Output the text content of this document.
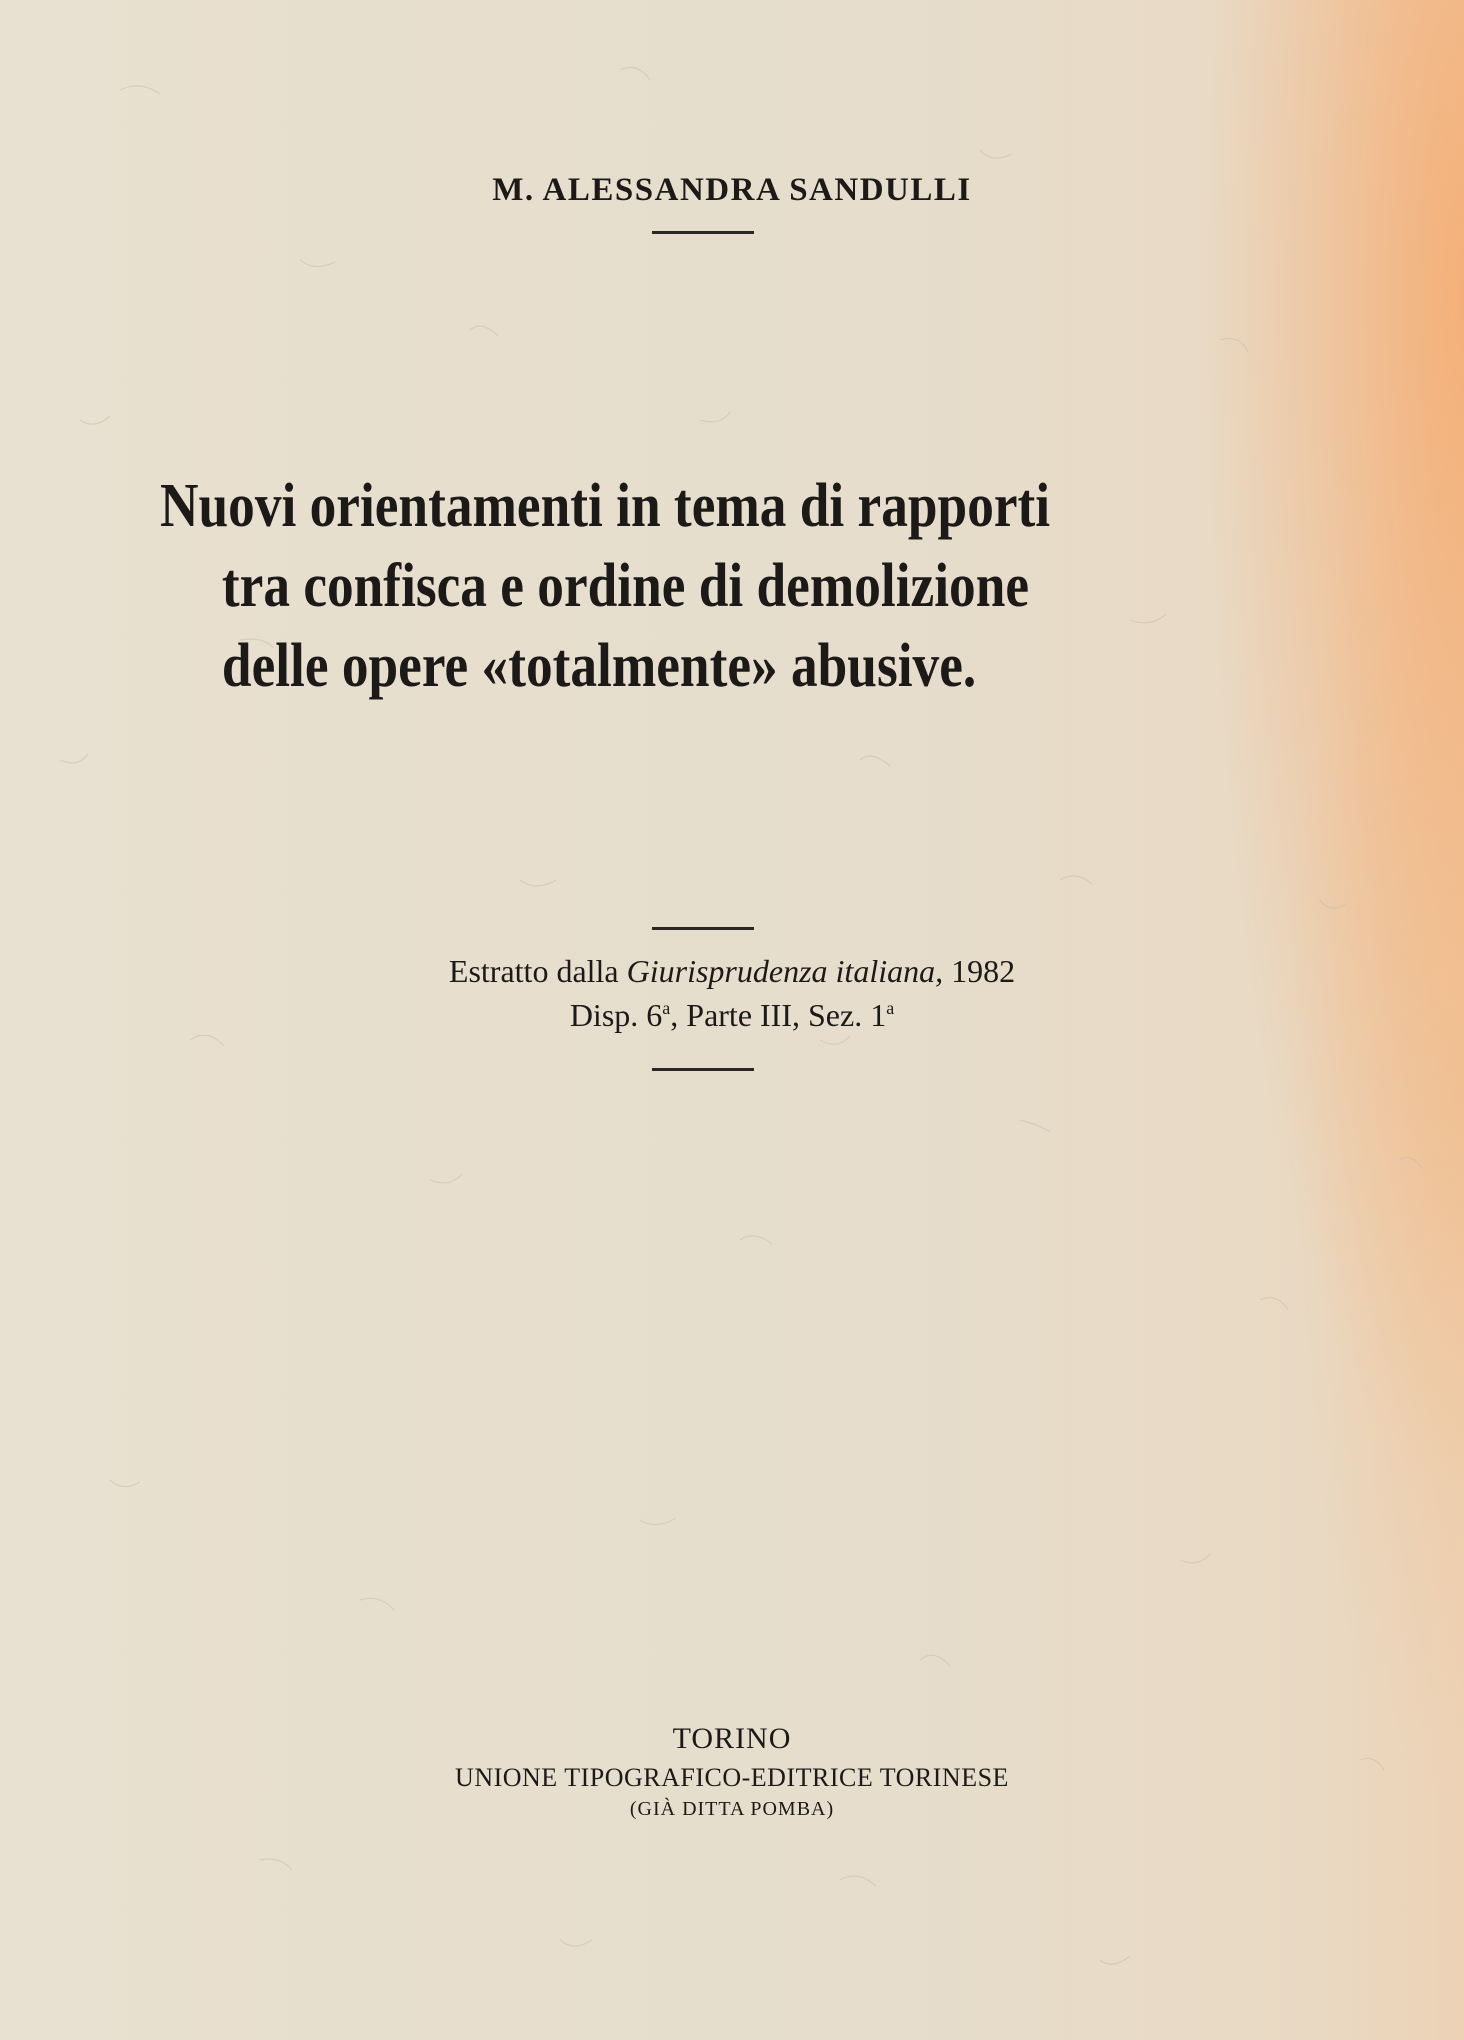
M. ALESSANDRA SANDULLI
Nuovi orientamenti in tema di rapporti
tra confisca e ordine di demolizione
delle opere «totalmente» abusive.
Estratto dalla Giurisprudenza italiana, 1982
Disp. 6$^a$, Parte III, Sez. 1$^a$
TORINO
UNIONE TIPOGRAFICO-EDITRICE TORINESE
(GIÀ DITTA POMBA)
